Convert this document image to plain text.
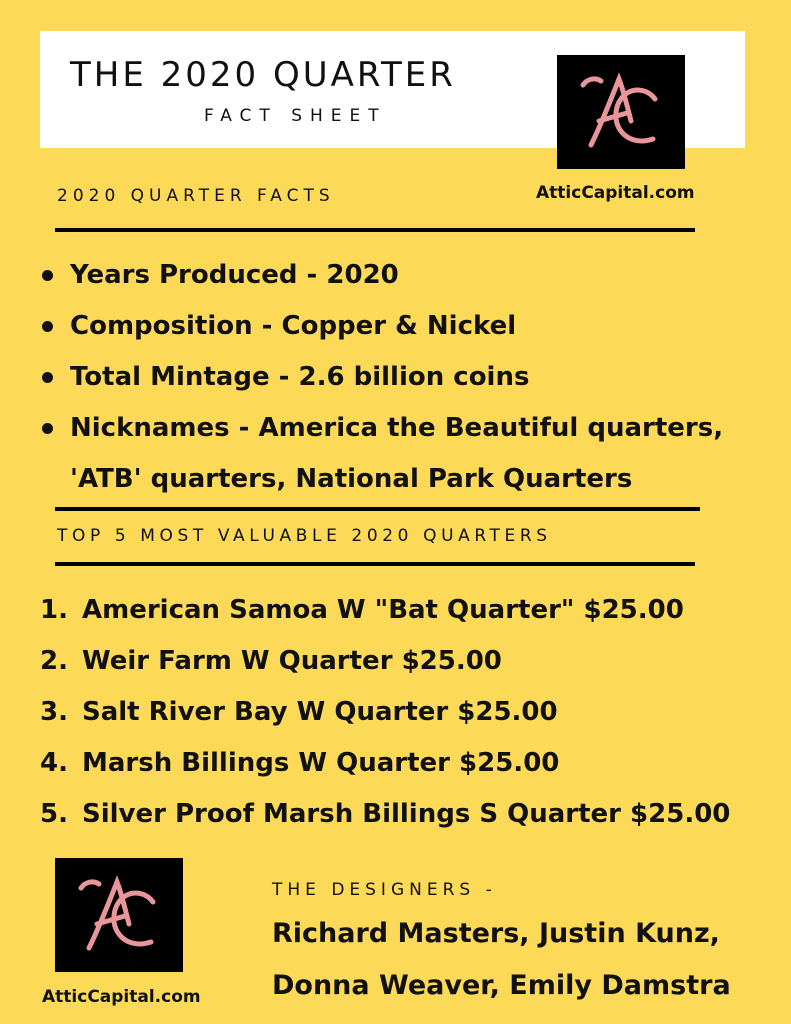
THE 2020 QUARTER
FACT SHEET
AtticCapital.com
2020 QUARTER FACTS
Years Produced - 2020
Composition - Copper & Nickel
Total Mintage - 2.6 billion coins
Nicknames - America the Beautiful quarters,
'ATB' quarters, National Park Quarters
TOP 5 MOST VALUABLE 2020 QUARTERS
1. American Samoa W "Bat Quarter" $25.00
2. Weir Farm W Quarter $25.00
3. Salt River Bay W Quarter $25.00
4. Marsh Billings W Quarter $25.00
5. Silver Proof Marsh Billings S Quarter $25.00
AtticCapital.com
THE DESIGNERS -
Richard Masters, Justin Kunz,
Donna Weaver, Emily Damstra
